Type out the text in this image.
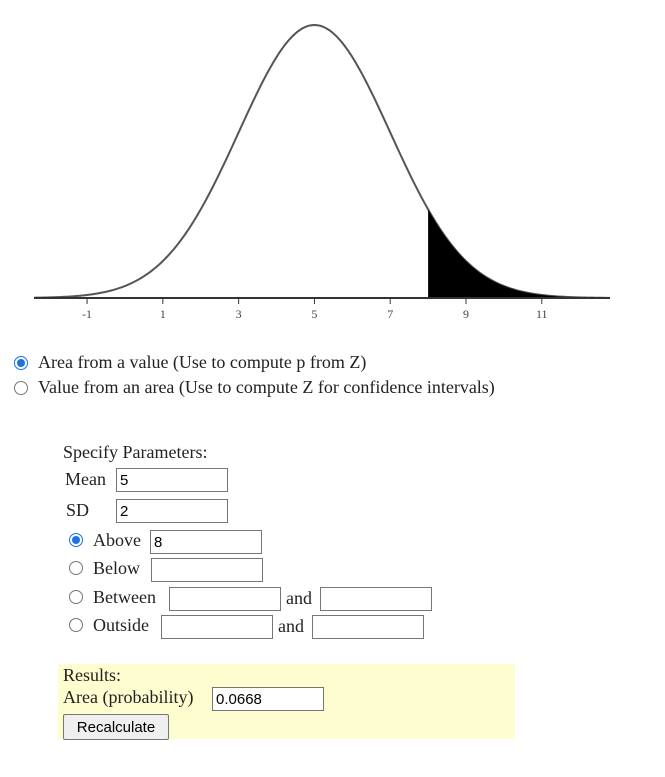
-1	1	3	5	7	9	11
Area from a value (Use to compute p from Z)
Value from an area (Use to compute Z for confidence intervals)
Specify Parameters:
Mean
5
SD
2
Above
8
Below
Between	and
Outside	and
Results:
Area (probability)
0.0668
Recalculate
